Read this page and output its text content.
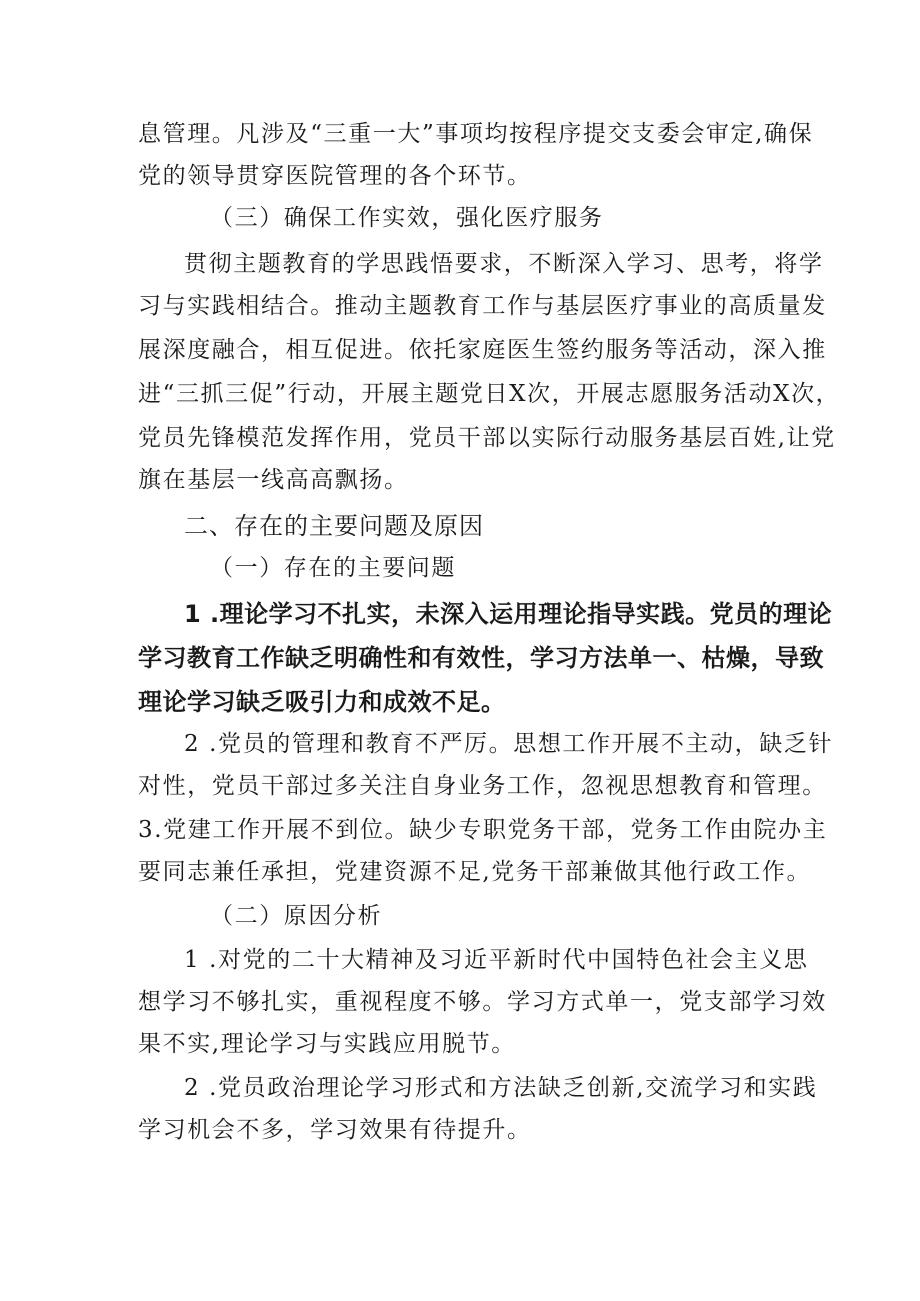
息管理。凡涉及“三重一大”事项均按程序提交支委会审定,确保
党的领导贯穿医院管理的各个环节。
（三）确保工作实效，强化医疗服务
贯彻主题教育的学思践悟要求，不断深入学习、思考，将学
习与实践相结合。推动主题教育工作与基层医疗事业的高质量发
展深度融合，相互促进。依托家庭医生签约服务等活动，深入推
进“三抓三促”行动，开展主题党日X次，开展志愿服务活动X次，
党员先锋模范发挥作用，党员干部以实际行动服务基层百姓,让党
旗在基层一线高高飘扬。
二、存在的主要问题及原因
（一）存在的主要问题
1 .理论学习不扎实，未深入运用理论指导实践。党员的理论
学习教育工作缺乏明确性和有效性，学习方法单一、枯燥，导致
理论学习缺乏吸引力和成效不足。
2 .党员的管理和教育不严厉。思想工作开展不主动，缺乏针
对性，党员干部过多关注自身业务工作，忽视思想教育和管理。
3.党建工作开展不到位。缺少专职党务干部，党务工作由院办主
要同志兼任承担，党建资源不足,党务干部兼做其他行政工作。
（二）原因分析
1 .对党的二十大精神及习近平新时代中国特色社会主义思
想学习不够扎实，重视程度不够。学习方式单一，党支部学习效
果不实,理论学习与实践应用脱节。
2 .党员政治理论学习形式和方法缺乏创新,交流学习和实践
学习机会不多，学习效果有待提升。
